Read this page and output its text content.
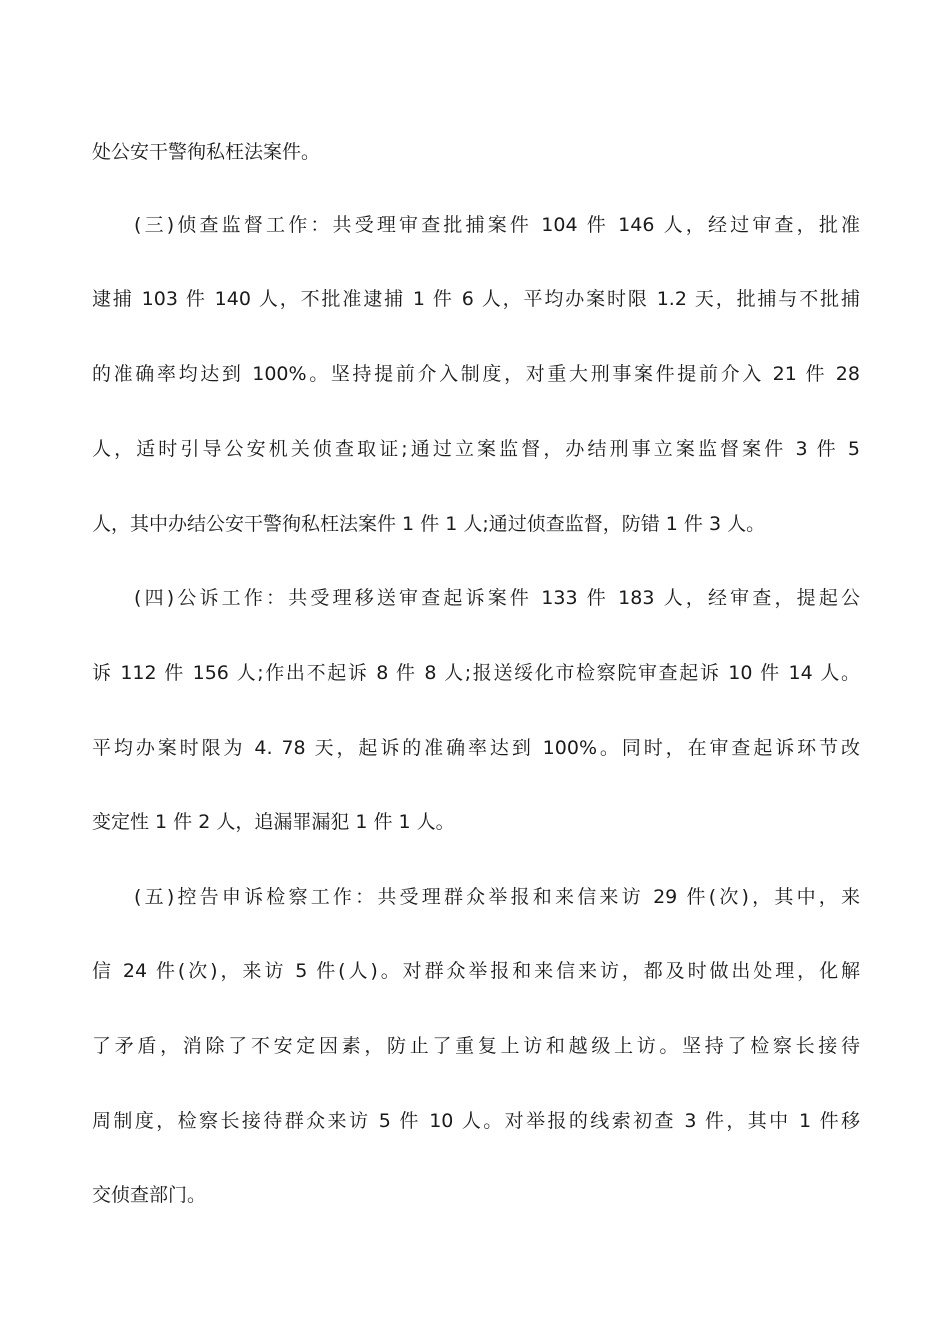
处公安干警徇私枉法案件。
(三)侦查监督工作：共受理审查批捕案件 104 件 146 人，经过审查，批准
逮捕 103 件 140 人，不批准逮捕 1 件 6 人，平均办案时限 1.2 天，批捕与不批捕
的准确率均达到 100%。坚持提前介入制度，对重大刑事案件提前介入 21 件 28
人，适时引导公安机关侦查取证;通过立案监督，办结刑事立案监督案件 3 件 5
人，其中办结公安干警徇私枉法案件 1 件 1 人;通过侦查监督，防错 1 件 3 人。
(四)公诉工作：共受理移送审查起诉案件 133 件 183 人，经审查，提起公
诉 112 件 156 人;作出不起诉 8 件 8 人;报送绥化市检察院审查起诉 10 件 14 人。
平均办案时限为 4. 78 天，起诉的准确率达到 100%。同时，在审查起诉环节改
变定性 1 件 2 人，追漏罪漏犯 1 件 1 人。
(五)控告申诉检察工作：共受理群众举报和来信来访 29 件(次)，其中，来
信 24 件(次)，来访 5 件(人)。对群众举报和来信来访，都及时做出处理，化解
了矛盾，消除了不安定因素，防止了重复上访和越级上访。坚持了检察长接待
周制度，检察长接待群众来访 5 件 10 人。对举报的线索初查 3 件，其中 1 件移
交侦查部门。
